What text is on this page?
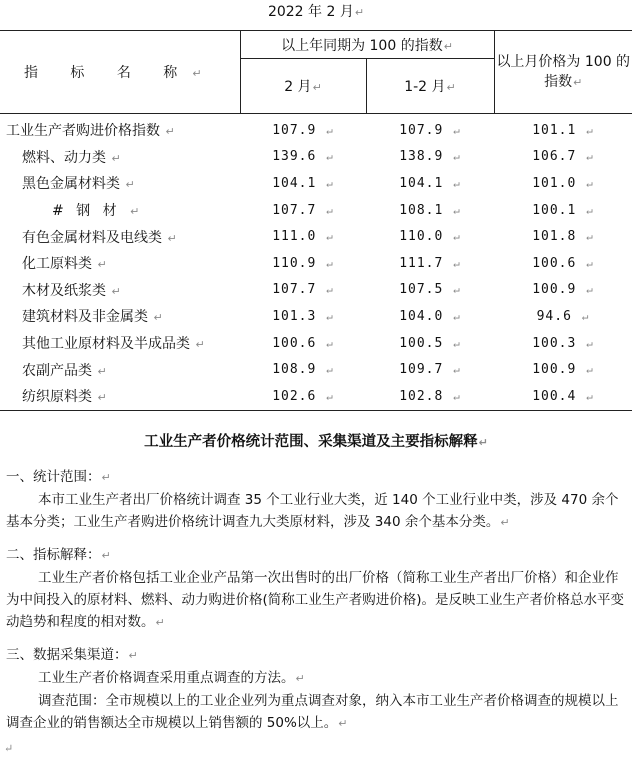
2022 年 2 月↵
指 标 名 称↵	以上年同期为 100 的指数↵		以上月价格为 100 的指数↵
	2 月↵	1-2 月↵	
工业生产者购进价格指数 ↵	107.9 ↵	107.9 ↵	101.1 ↵
燃料、动力类 ↵	139.6 ↵	138.9 ↵	106.7 ↵
黑色金属材料类 ↵	104.1 ↵	104.1 ↵	101.0 ↵
# 钢 材 ↵	107.7 ↵	108.1 ↵	100.1 ↵
有色金属材料及电线类 ↵	111.0 ↵	110.0 ↵	101.8 ↵
化工原料类 ↵	110.9 ↵	111.7 ↵	100.6 ↵
木材及纸浆类 ↵	107.7 ↵	107.5 ↵	100.9 ↵
建筑材料及非金属类 ↵	101.3 ↵	104.0 ↵	94.6 ↵
其他工业原材料及半成品类 ↵	100.6 ↵	100.5 ↵	100.3 ↵
农副产品类 ↵	108.9 ↵	109.7 ↵	100.9 ↵
纺织原料类 ↵	102.6 ↵	102.8 ↵	100.4 ↵
工业生产者价格统计范围、采集渠道及主要指标解释↵

一、统计范围：↵

本市工业生产者出厂价格统计调查 35 个工业行业大类，近 140 个工业行业中类，涉及 470 余个基本分类；工业生产者购进价格统计调查九大类原材料，涉及 340 余个基本分类。↵

二、指标解释：↵

工业生产者价格包括工业企业产品第一次出售时的出厂价格（简称工业生产者出厂价格）和企业作为中间投入的原材料、燃料、动力购进价格(简称工业生产者购进价格)。是反映工业生产者价格总水平变动趋势和程度的相对数。↵

三、数据采集渠道：↵

工业生产者价格调查采用重点调查的方法。↵

调查范围：全市规模以上的工业企业列为重点调查对象，纳入本市工业生产者价格调查的规模以上调查企业的销售额达全市规模以上销售额的 50%以上。↵

↵
